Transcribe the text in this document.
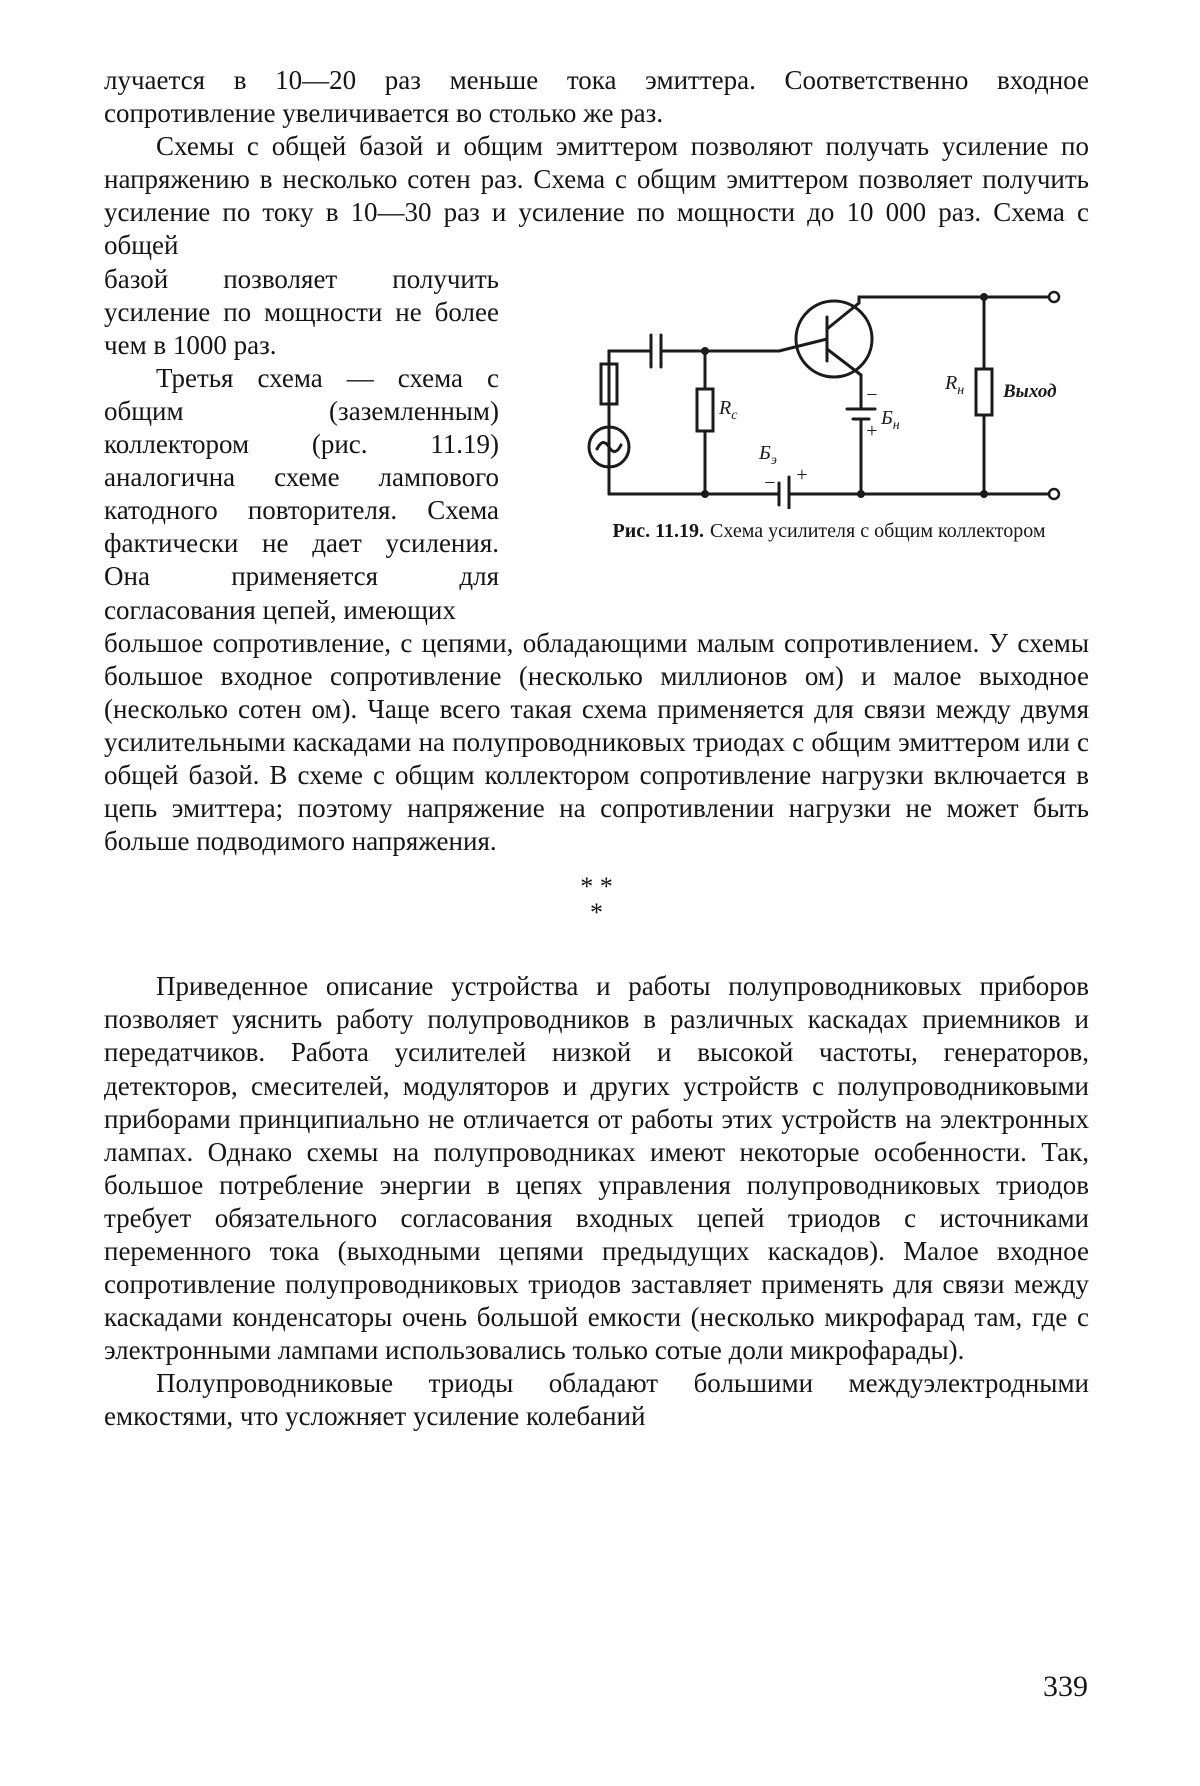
лучается в 10—20 раз меньше тока эмиттера. Соответственно входное сопротивление увеличивается во столько же раз.

Схемы с общей базой и общим эмиттером позволяют получать усиление по напряжению в несколько сотен раз. Схема с общим эмиттером позволяет получить усиление по току в 10—30 раз и усиление по мощности до 10 000 раз. Схема с общей

$R_c$	$Б_н$
−
+
$R_н$
$Б_э$
− +
Выход
Рис. 11.19. Схема усилителя с общим коллектором

базой позволяет получить усиление по мощности не более чем в 1000 раз.

Третья схема — схема с общим (заземленным) коллектором (рис. 11.19) аналогична схеме лампового катодного повторителя. Схема фактически не дает усиления. Она применяется для согласования цепей, имеющих

большое сопротивление, с цепями, обладающими малым сопротивлением. У схемы большое входное сопротивление (несколько миллионов ом) и малое выходное (несколько сотен ом). Чаще всего такая схема применяется для связи между двумя усилительными каскадами на полупроводниковых триодах с общим эмиттером или с общей базой. В схеме с общим коллектором сопротивление нагрузки включается в цепь эмиттера; поэтому напряжение на сопротивлении нагрузки не может быть больше подводимого напряжения.

* *
*

Приведенное описание устройства и работы полупроводниковых приборов позволяет уяснить работу полупроводников в различных каскадах приемников и передатчиков. Работа усилителей низкой и высокой частоты, генераторов, детекторов, смесителей, модуляторов и других устройств с полупроводниковыми приборами принципиально не отличается от работы этих устройств на электронных лампах. Однако схемы на полупроводниках имеют некоторые особенности. Так, большое потребление энергии в цепях управления полупроводниковых триодов требует обязательного согласования входных цепей триодов с источниками переменного тока (выходными цепями предыдущих каскадов). Малое входное сопротивление полупроводниковых триодов заставляет применять для связи между каскадами конденсаторы очень большой емкости (несколько микрофарад там, где с электронными лампами использовались только сотые доли микрофарады).

Полупроводниковые триоды обладают большими междуэлектродными емкостями, что усложняет усиление колебаний

339
